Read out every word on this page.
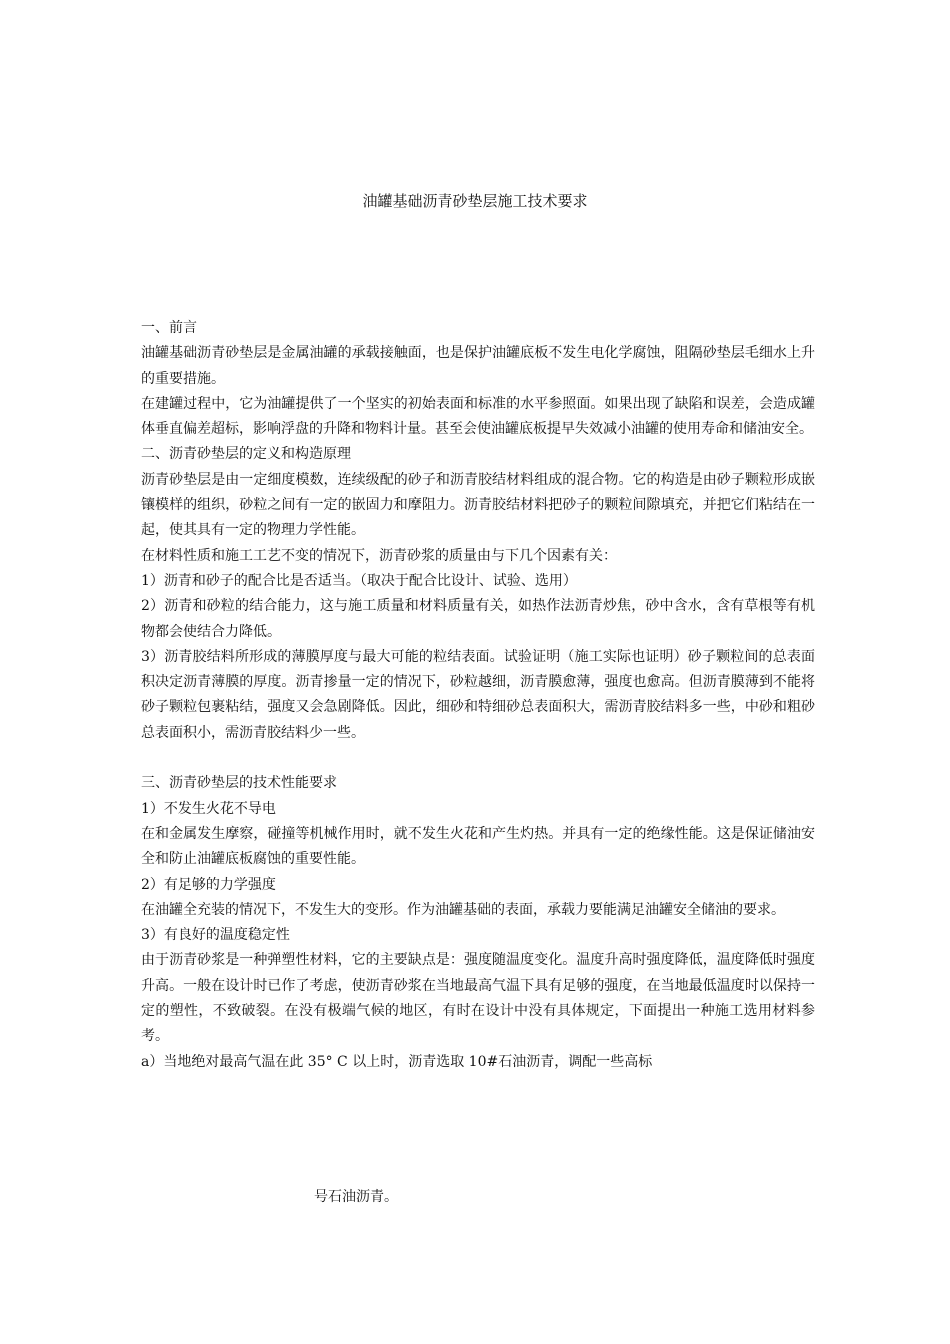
油罐基础沥青砂垫层施工技术要求

一、前言

油罐基础沥青砂垫层是金属油罐的承载接触面，也是保护油罐底板不发生电化学腐蚀，阻隔砂垫层毛细水上升的重要措施。

在建罐过程中，它为油罐提供了一个坚实的初始表面和标准的水平参照面。如果出现了缺陷和误差，会造成罐体垂直偏差超标，影响浮盘的升降和物料计量。甚至会使油罐底板提早失效减小油罐的使用寿命和储油安全。

二、沥青砂垫层的定义和构造原理

沥青砂垫层是由一定细度模数，连续级配的砂子和沥青胶结材料组成的混合物。它的构造是由砂子颗粒形成嵌镶模样的组织，砂粒之间有一定的嵌固力和摩阻力。沥青胶结材料把砂子的颗粒间隙填充，并把它们粘结在一起，使其具有一定的物理力学性能。

在材料性质和施工工艺不变的情况下，沥青砂浆的质量由与下几个因素有关：

1）沥青和砂子的配合比是否适当。（取决于配合比设计、试验、选用）

2）沥青和砂粒的结合能力，这与施工质量和材料质量有关，如热作法沥青炒焦，砂中含水，含有草根等有机物都会使结合力降低。

3）沥青胶结料所形成的薄膜厚度与最大可能的粒结表面。试验证明（施工实际也证明）砂子颗粒间的总表面积决定沥青薄膜的厚度。沥青掺量一定的情况下，砂粒越细，沥青膜愈薄，强度也愈高。但沥青膜薄到不能将砂子颗粒包裹粘结，强度又会急剧降低。因此，细砂和特细砂总表面积大，需沥青胶结料多一些，中砂和粗砂总表面积小，需沥青胶结料少一些。

三、沥青砂垫层的技术性能要求

1）不发生火花不导电

在和金属发生摩察，碰撞等机械作用时，就不发生火花和产生灼热。并具有一定的绝缘性能。这是保证储油安全和防止油罐底板腐蚀的重要性能。

2）有足够的力学强度

在油罐全充装的情况下，不发生大的变形。作为油罐基础的表面，承载力要能满足油罐安全储油的要求。

3）有良好的温度稳定性

由于沥青砂浆是一种弹塑性材料，它的主要缺点是：强度随温度变化。温度升高时强度降低，温度降低时强度升高。一般在设计时已作了考虑，使沥青砂浆在当地最高气温下具有足够的强度，在当地最低温度时以保持一定的塑性，不致破裂。在没有极端气候的地区，有时在设计中没有具体规定，下面提出一种施工选用材料参考。

a）当地绝对最高气温在此 35° C 以上时，沥青选取 10#石油沥青，调配一些高标

号石油沥青。
